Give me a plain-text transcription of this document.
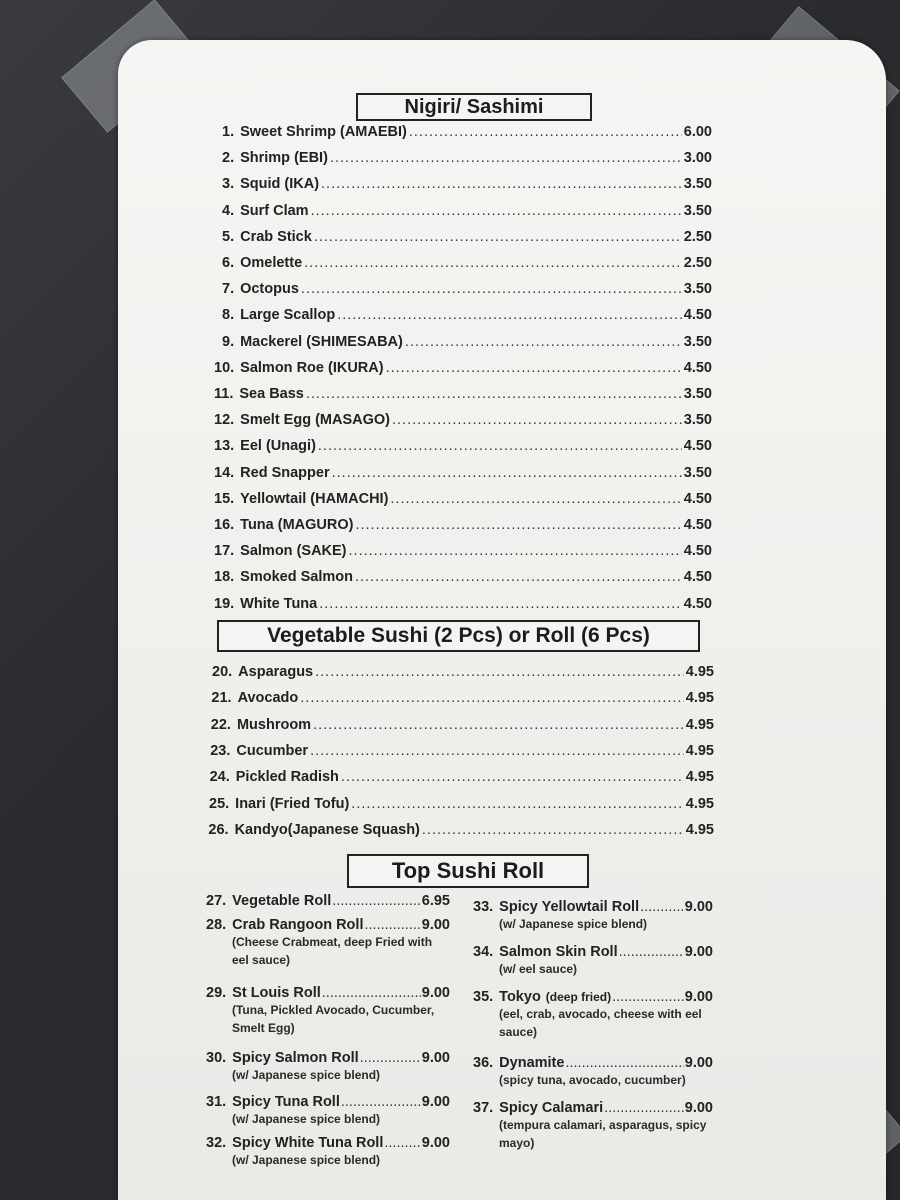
Nigiri/ Sashimi
1. Sweet Shrimp (AMAEBI) .....	6.00
2. Shrimp (EBI) .....	3.00
3. Squid (IKA) .....	3.50
4. Surf Clam .....	3.50
5. Crab Stick .....	2.50
6. Omelette .....	2.50
7. Octopus .....	3.50
8. Large Scallop .....	4.50
9. Mackerel (SHIMESABA) .....	3.50
10. Salmon Roe (IKURA) .....	4.50
11. Sea Bass .....	3.50
12. Smelt Egg (MASAGO) .....	3.50
13. Eel (Unagi) .....	4.50
14. Red Snapper .....	3.50
15. Yellowtail (HAMACHI) .....	4.50
16. Tuna (MAGURO) .....	4.50
17. Salmon (SAKE) .....	4.50
18. Smoked Salmon .....	4.50
19. White Tuna .....	4.50
Vegetable Sushi (2 Pcs) or Roll (6 Pcs)
20. Asparagus .....	4.95
21. Avocado .....	4.95
22. Mushroom .....	4.95
23. Cucumber .....	4.95
24. Pickled Radish .....	4.95
25. Inari (Fried Tofu) .....	4.95
26. Kandyo(Japanese Squash) .....	4.95
Top Sushi Roll
27. Vegetable Roll .....	6.95
28. Crab Rangoon Roll .....	9.00
(Cheese Crabmeat, deep Fried with eel sauce)
29. St Louis Roll .....	9.00
(Tuna, Pickled Avocado, Cucumber, Smelt Egg)
30. Spicy Salmon Roll .....	9.00
(w/ Japanese spice blend)
31. Spicy Tuna Roll .....	9.00
(w/ Japanese spice blend)
32. Spicy White Tuna Roll .....	9.00
(w/ Japanese spice blend)
33. Spicy Yellowtail Roll .....	9.00
(w/ Japanese spice blend)
34. Salmon Skin Roll .....	9.00
(w/ eel sauce)
35. Tokyo (deep fried) .....	9.00
(eel, crab, avocado, cheese with eel sauce)
36. Dynamite .....	9.00
(spicy tuna, avocado, cucumber)
37. Spicy Calamari .....	9.00
(tempura calamari, asparagus, spicy mayo)
